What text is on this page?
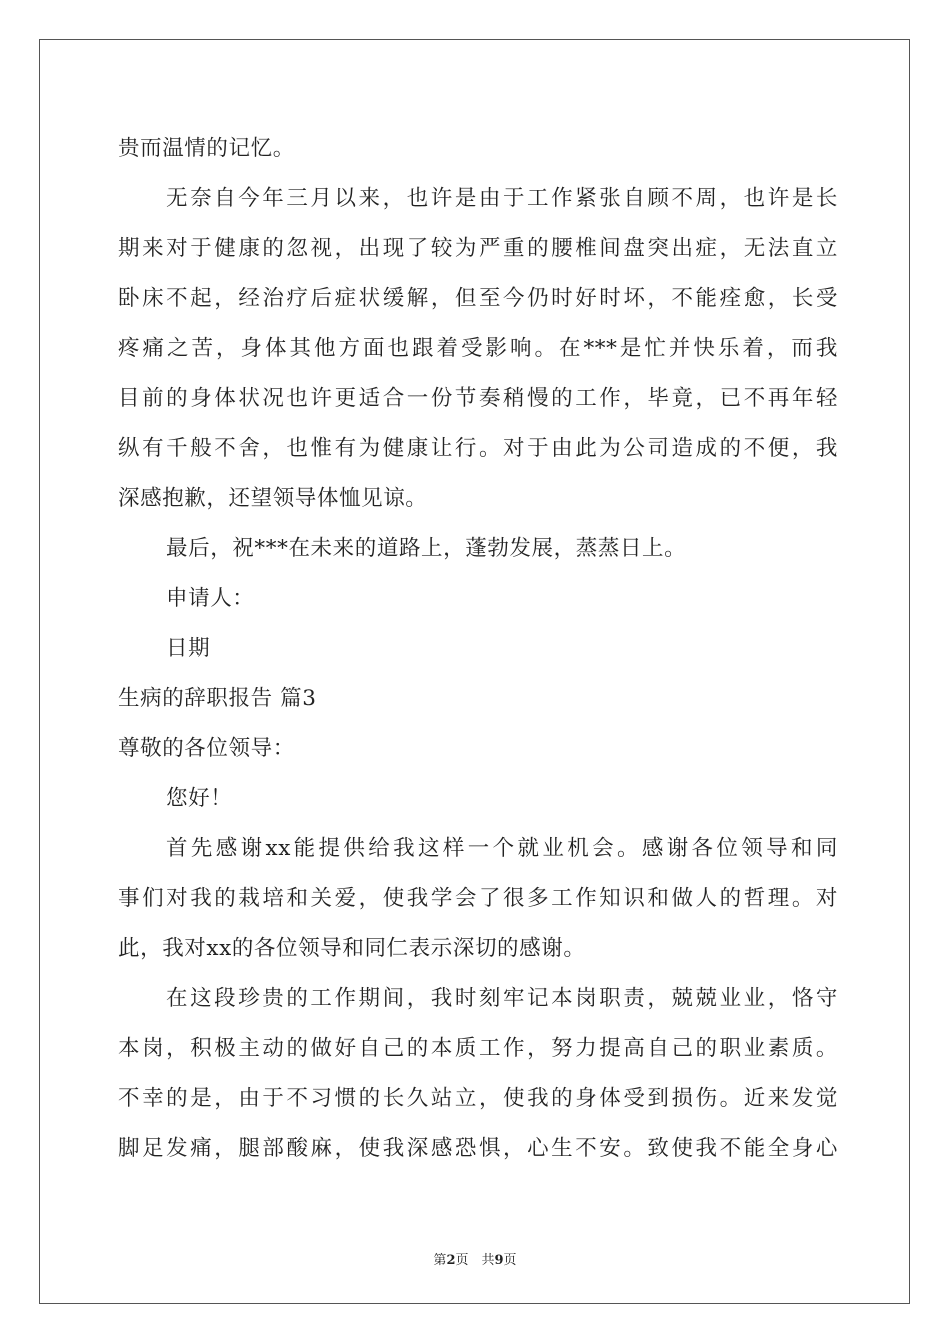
贵而温情的记忆。
无奈自今年三月以来，也许是由于工作紧张自顾不周，也许是长
期来对于健康的忽视，出现了较为严重的腰椎间盘突出症，无法直立
卧床不起，经治疗后症状缓解，但至今仍时好时坏，不能痊愈，长受
疼痛之苦，身体其他方面也跟着受影响。在***是忙并快乐着，而我
目前的身体状况也许更适合一份节奏稍慢的工作，毕竟，已不再年轻
纵有千般不舍，也惟有为健康让行。对于由此为公司造成的不便，我
深感抱歉，还望领导体恤见谅。
最后，祝***在未来的道路上，蓬勃发展，蒸蒸日上。
申请人：
日期
生病的辞职报告 篇3
尊敬的各位领导：
您好！
首先感谢xx能提供给我这样一个就业机会。感谢各位领导和同
事们对我的栽培和关爱，使我学会了很多工作知识和做人的哲理。对
此，我对xx的各位领导和同仁表示深切的感谢。
在这段珍贵的工作期间，我时刻牢记本岗职责，兢兢业业，恪守
本岗，积极主动的做好自己的本质工作，努力提高自己的职业素质。
不幸的是，由于不习惯的长久站立，使我的身体受到损伤。近来发觉
脚足发痛，腿部酸麻，使我深感恐惧，心生不安。致使我不能全身心
第2页　共9页
